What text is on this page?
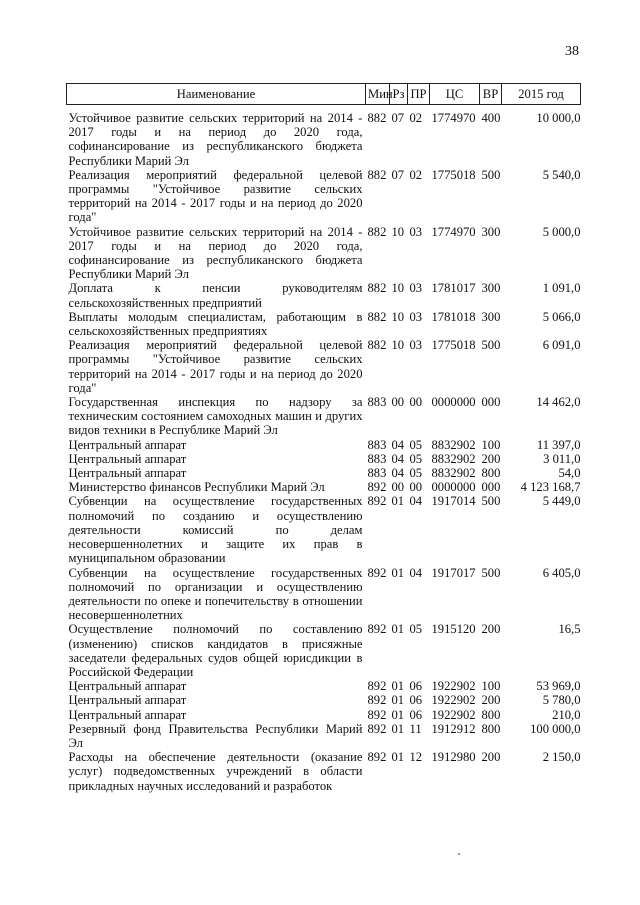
38
Наименование	Мин	Рз	ПР	ЦС	ВР	2015 год
Устойчивое развитие сельских территорий на 2014 - 2017 годы и на период до 2020 года, софинансирование из республиканского бюджета Республики Марий Эл	882	07	02	1774970	400	10 000,0
Реализация мероприятий федеральной целевой программы "Устойчивое развитие сельских территорий на 2014 - 2017 годы и на период до 2020 года"	882	07	02	1775018	500	5 540,0
Устойчивое развитие сельских территорий на 2014 - 2017 годы и на период до 2020 года, софинансирование из республиканского бюджета Республики Марий Эл	882	10	03	1774970	300	5 000,0
Доплата к пенсии руководителям сельскохозяйственных предприятий	882	10	03	1781017	300	1 091,0
Выплаты молодым специалистам, работающим в сельскохозяйственных предприятиях	882	10	03	1781018	300	5 066,0
Реализация мероприятий федеральной целевой программы "Устойчивое развитие сельских территорий на 2014 - 2017 годы и на период до 2020 года"	882	10	03	1775018	500	6 091,0
Государственная инспекция по надзору за техническим состоянием самоходных машин и других видов техники в Республике Марий Эл	883	00	00	0000000	000	14 462,0
Центральный аппарат	883	04	05	8832902	100	11 397,0
Центральный аппарат	883	04	05	8832902	200	3 011,0
Центральный аппарат	883	04	05	8832902	800	54,0
Министерство финансов Республики Марий Эл	892	00	00	0000000	000	4 123 168,7
Субвенции на осуществление государственных полномочий по созданию и осуществлению деятельности комиссий по делам несовершеннолетних и защите их прав в муниципальном образовании	892	01	04	1917014	500	5 449,0
Субвенции на осуществление государственных полномочий по организации и осуществлению деятельности по опеке и попечительству в отношении несовершеннолетних	892	01	04	1917017	500	6 405,0
Осуществление полномочий по составлению (изменению) списков кандидатов в присяжные заседатели федеральных судов общей юрисдикции в Российской Федерации	892	01	05	1915120	200	16,5
Центральный аппарат	892	01	06	1922902	100	53 969,0
Центральный аппарат	892	01	06	1922902	200	5 780,0
Центральный аппарат	892	01	06	1922902	800	210,0
Резервный фонд Правительства Республики Марий Эл	892	01	11	1912912	800	100 000,0
Расходы на обеспечение деятельности (оказание услуг) подведомственных учреждений в области прикладных научных исследований и разработок	892	01	12	1912980	200	2 150,0
